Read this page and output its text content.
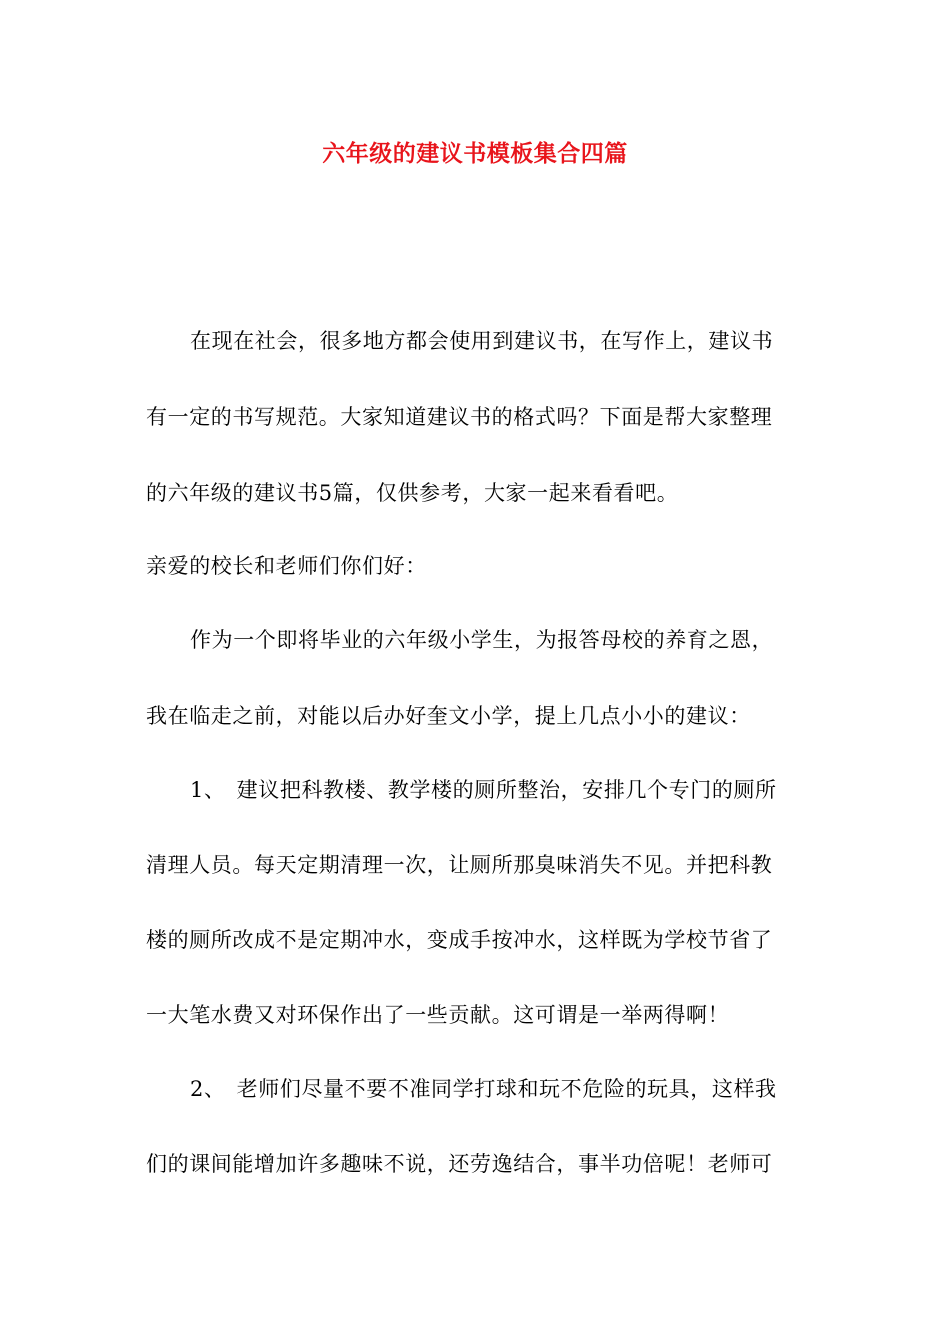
六年级的建议书模板集合四篇
在现在社会，很多地方都会使用到建议书，在写作上，建议书
有一定的书写规范。大家知道建议书的格式吗？下面是帮大家整理
的六年级的建议书5篇，仅供参考，大家一起来看看吧。
亲爱的校长和老师们你们好：
作为一个即将毕业的六年级小学生，为报答母校的养育之恩，
我在临走之前，对能以后办好奎文小学，提上几点小小的建议：
1、　建议把科教楼、教学楼的厕所整治，安排几个专门的厕所
清理人员。每天定期清理一次，让厕所那臭味消失不见。并把科教
楼的厕所改成不是定期冲水，变成手按冲水，这样既为学校节省了
一大笔水费又对环保作出了一些贡献。这可谓是一举两得啊！
2、　老师们尽量不要不准同学打球和玩不危险的玩具，这样我
们的课间能增加许多趣味不说，还劳逸结合，事半功倍呢！老师可
